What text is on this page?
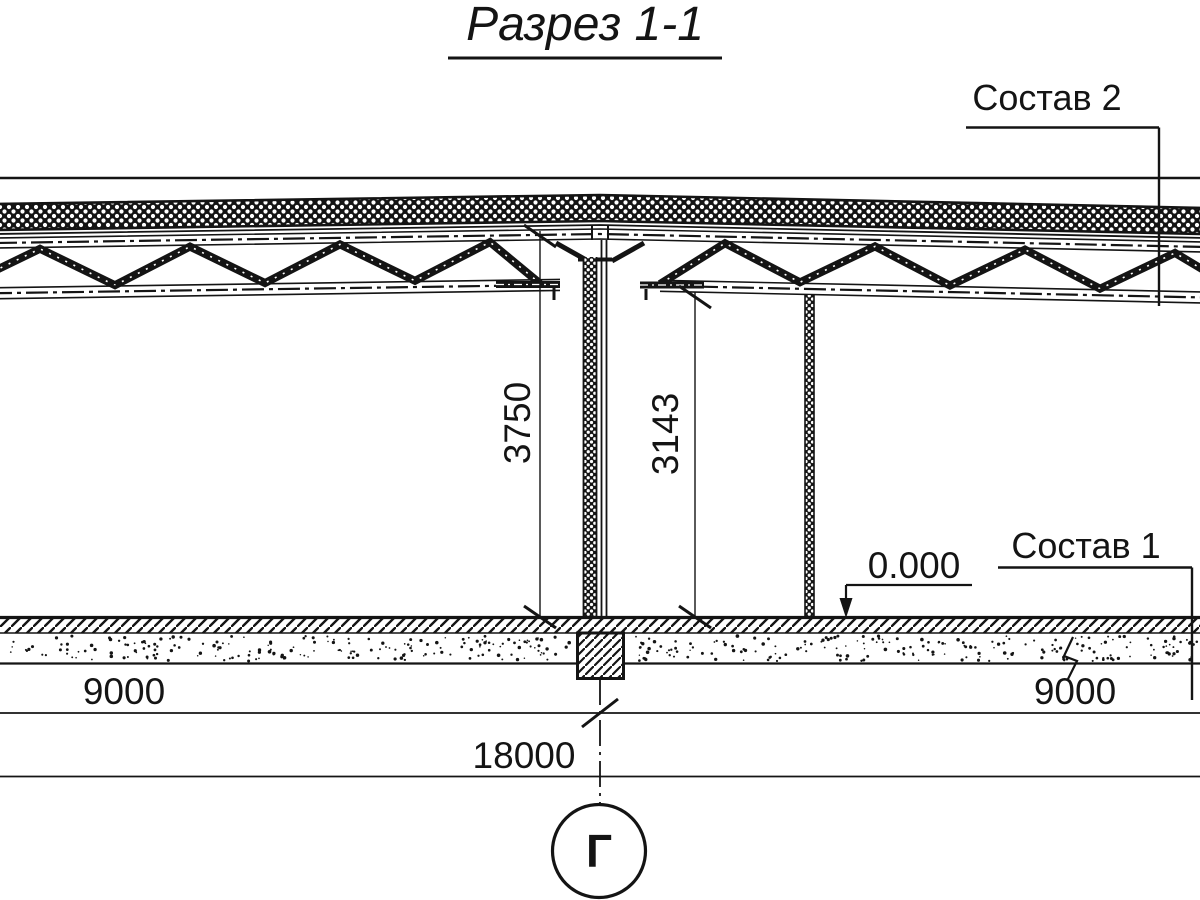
Разрез 1-1
3750	3143
0.000 Состав 1
Состав 2
9000	9000
18000
Г
